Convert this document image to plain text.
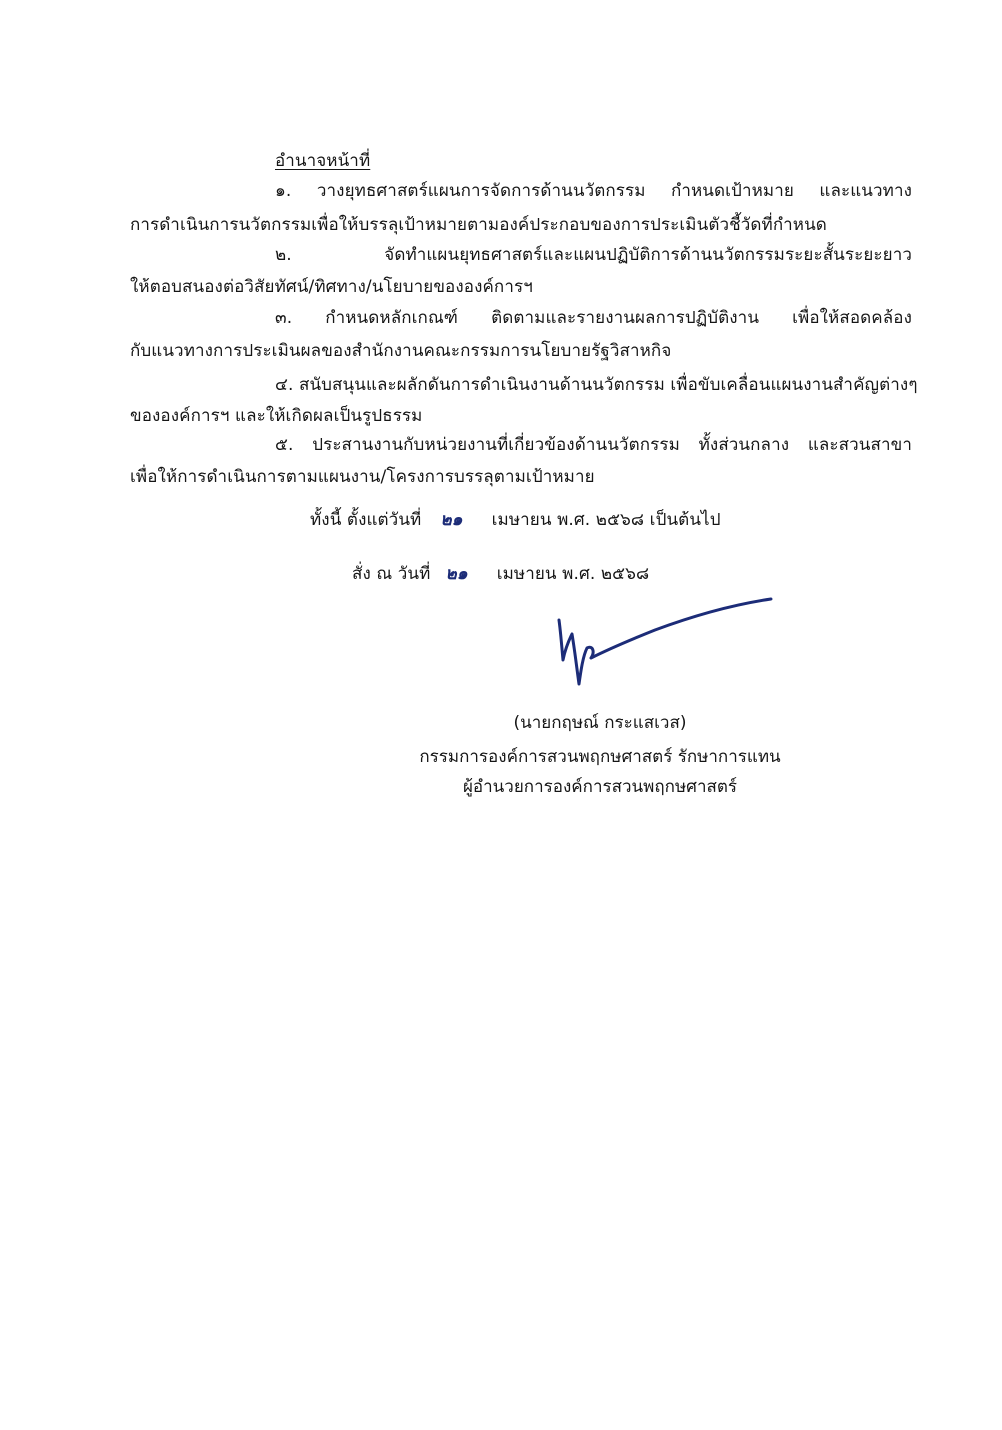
อำนาจหน้าที่
๑. วางยุทธศาสตร์แผนการจัดการด้านนวัตกรรม กำหนดเป้าหมาย และแนวทาง
การดำเนินการนวัตกรรมเพื่อให้บรรลุเป้าหมายตามองค์ประกอบของการประเมินตัวชี้วัดที่กำหนด
๒. จัดทำแผนยุทธศาสตร์และแผนปฏิบัติการด้านนวัตกรรมระยะสั้นระยะยาว
ให้ตอบสนองต่อวิสัยทัศน์/ทิศทาง/นโยบายขององค์การฯ
๓. กำหนดหลักเกณฑ์ ติดตามและรายงานผลการปฏิบัติงาน เพื่อให้สอดคล้อง
กับแนวทางการประเมินผลของสำนักงานคณะกรรมการนโยบายรัฐวิสาหกิจ
๔. สนับสนุนและผลักดันการดำเนินงานด้านนวัตกรรม เพื่อขับเคลื่อนแผนงานสำคัญต่างๆ
ขององค์การฯ และให้เกิดผลเป็นรูปธรรม
๕. ประสานงานกับหน่วยงานที่เกี่ยวข้องด้านนวัตกรรม ทั้งส่วนกลาง และสวนสาขา
เพื่อให้การดำเนินการตามแผนงาน/โครงการบรรลุตามเป้าหมาย
ทั้งนี้ ตั้งแต่วันที่ ๒๑ เมษายน พ.ศ. ๒๕๖๘ เป็นต้นไป
สั่ง ณ วันที่ ๒๑ เมษายน พ.ศ. ๒๕๖๘
(นายกฤษณ์ กระแสเวส)
กรรมการองค์การสวนพฤกษศาสตร์ รักษาการแทน
ผู้อำนวยการองค์การสวนพฤกษศาสตร์
